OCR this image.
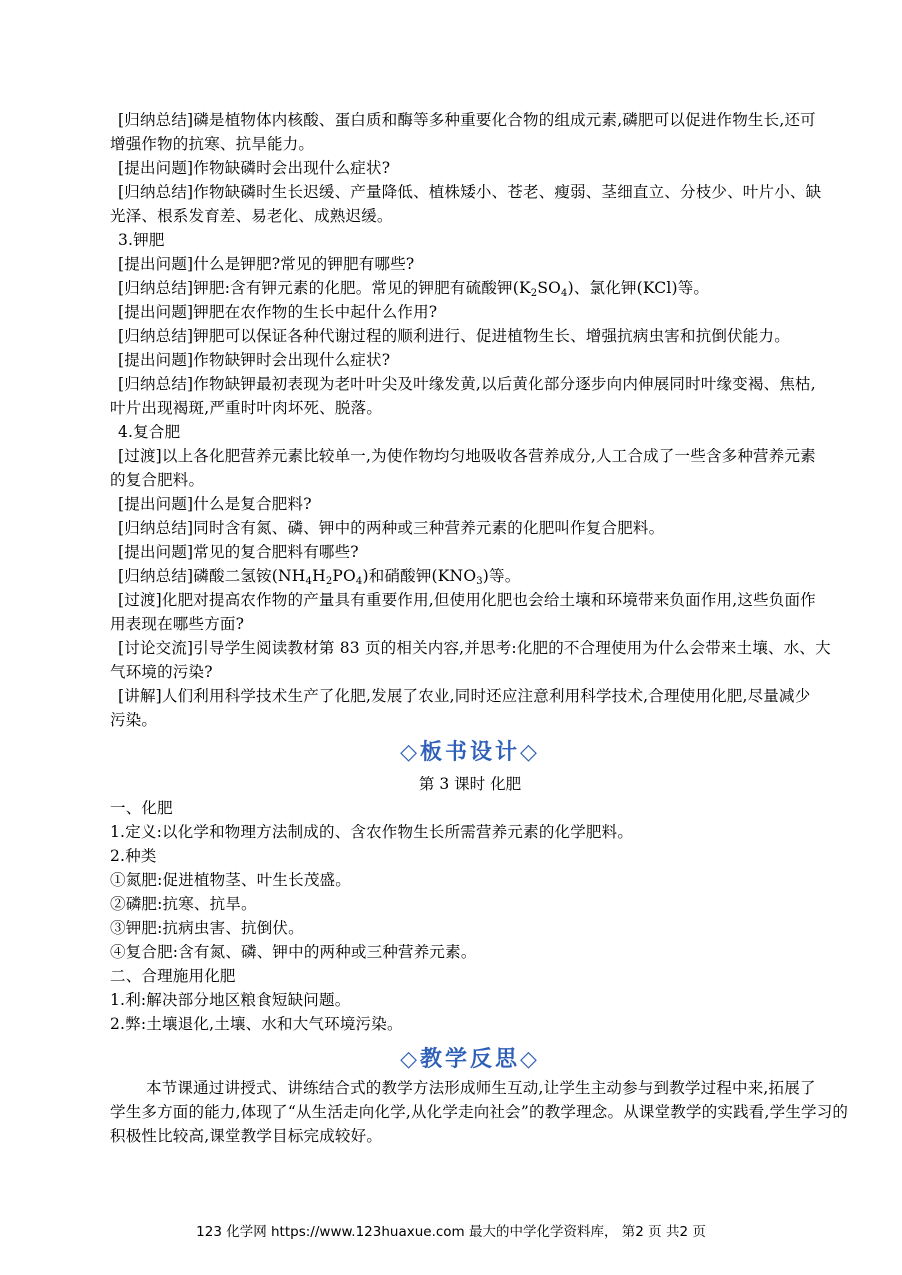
[归纳总结]磷是植物体内核酸、蛋白质和酶等多种重要化合物的组成元素,磷肥可以促进作物生长,还可
增强作物的抗寒、抗旱能力。
[提出问题]作物缺磷时会出现什么症状?
[归纳总结]作物缺磷时生长迟缓、产量降低、植株矮小、苍老、瘦弱、茎细直立、分枝少、叶片小、缺
光泽、根系发育差、易老化、成熟迟缓。
3.钾肥
[提出问题]什么是钾肥?常见的钾肥有哪些?
[提出问题]钾肥在农作物的生长中起什么作用?
[归纳总结]钾肥可以保证各种代谢过程的顺利进行、促进植物生长、增强抗病虫害和抗倒伏能力。
[提出问题]作物缺钾时会出现什么症状?
[归纳总结]作物缺钾最初表现为老叶叶尖及叶缘发黄,以后黄化部分逐步向内伸展同时叶缘变褐、焦枯,
叶片出现褐斑,严重时叶肉坏死、脱落。
4.复合肥
[过渡]以上各化肥营养元素比较单一,为使作物均匀地吸收各营养成分,人工合成了一些含多种营养元素
的复合肥料。
[提出问题]什么是复合肥料?
[归纳总结]同时含有氮、磷、钾中的两种或三种营养元素的化肥叫作复合肥料。
[提出问题]常见的复合肥料有哪些?
[过渡]化肥对提高农作物的产量具有重要作用,但使用化肥也会给土壤和环境带来负面作用,这些负面作
用表现在哪些方面?
[讨论交流]引导学生阅读教材第 83 页的相关内容,并思考:化肥的不合理使用为什么会带来土壤、水、大
气环境的污染?
[讲解]人们利用科学技术生产了化肥,发展了农业,同时还应注意利用科学技术,合理使用化肥,尽量减少
污染。
1.定义:以化学和物理方法制成的、含农作物生长所需营养元素的化学肥料。
2.种类
①氮肥:促进植物茎、叶生长茂盛。
②磷肥:抗寒、抗旱。
③钾肥:抗病虫害、抗倒伏。
④复合肥:含有氮、磷、钾中的两种或三种营养元素。
二、合理施用化肥
1.利:解决部分地区粮食短缺问题。
2.弊:土壤退化,土壤、水和大气环境污染。
本节课通过讲授式、讲练结合式的教学方法形成师生互动,让学生主动参与到教学过程中来,拓展了
学生多方面的能力,体现了“从生活走向化学,从化学走向社会”的教学理念。从课堂教学的实践看,学生学习的
积极性比较高,课堂教学目标完成较好。
[归纳总结]钾肥:含有钾元素的化肥。常见的钾肥有硫酸钾$(K_2SO_4)$、氯化钾(KCl)等。
[归纳总结]磷酸二氢铵$(NH_4H_2PO_4)$和硝酸钾$(KNO_3)$等。
◇板书设计◇
第 3 课时 化肥
一、化肥
◇教学反思◇
123 化学网 https://www.123huaxue.com 最大的中学化学资料库， 第2 页 共2 页
